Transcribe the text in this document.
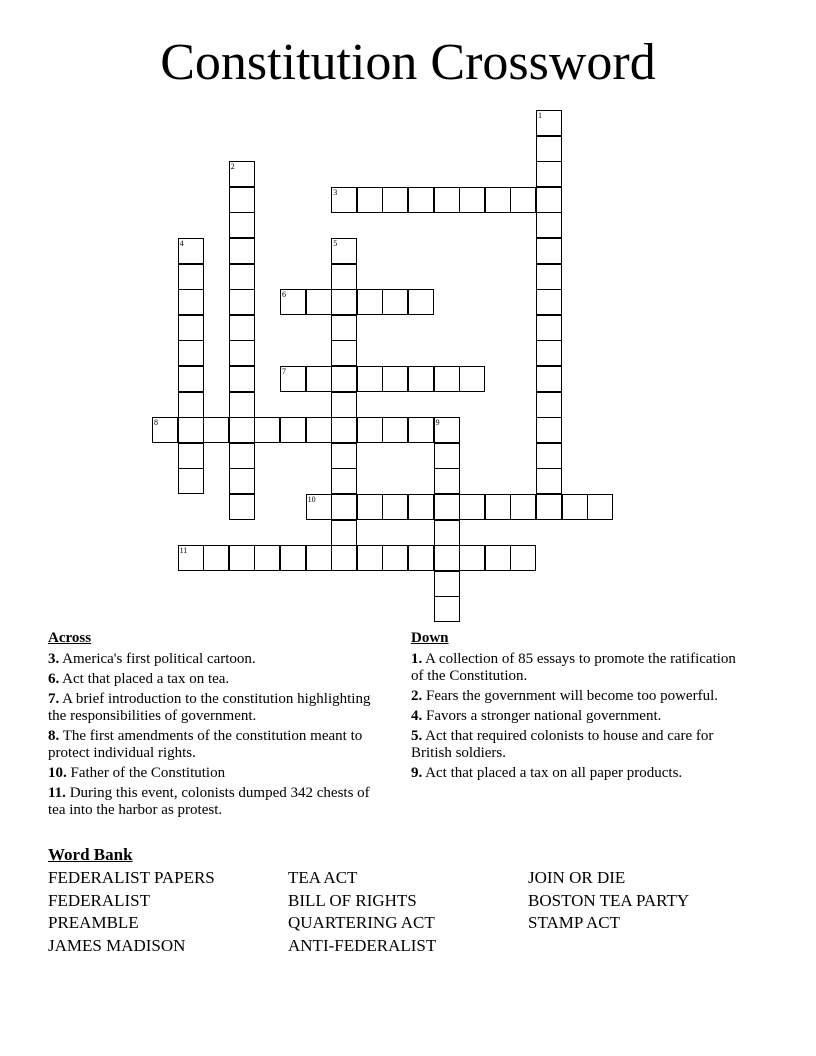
Constitution Crossword
1
2
3
4	5
6
7
8	9
10
11
Across
3. America's first political cartoon.
6. Act that placed a tax on tea.
7. A brief introduction to the constitution highlighting the responsibilities of government.
8. The first amendments of the constitution meant to protect individual rights.
10. Father of the Constitution
11. During this event, colonists dumped 342 chests of tea into the harbor as protest.
Down
1. A collection of 85 essays to promote the ratification of the Constitution.
2. Fears the government will become too powerful.
4. Favors a stronger national government.
5. Act that required colonists to house and care for British soldiers.
9. Act that placed a tax on all paper products.
Word Bank
FEDERALIST PAPERS
FEDERALIST
PREAMBLE
JAMES MADISON
TEA ACT
BILL OF RIGHTS
QUARTERING ACT
ANTI-FEDERALIST
JOIN OR DIE
BOSTON TEA PARTY
STAMP ACT
